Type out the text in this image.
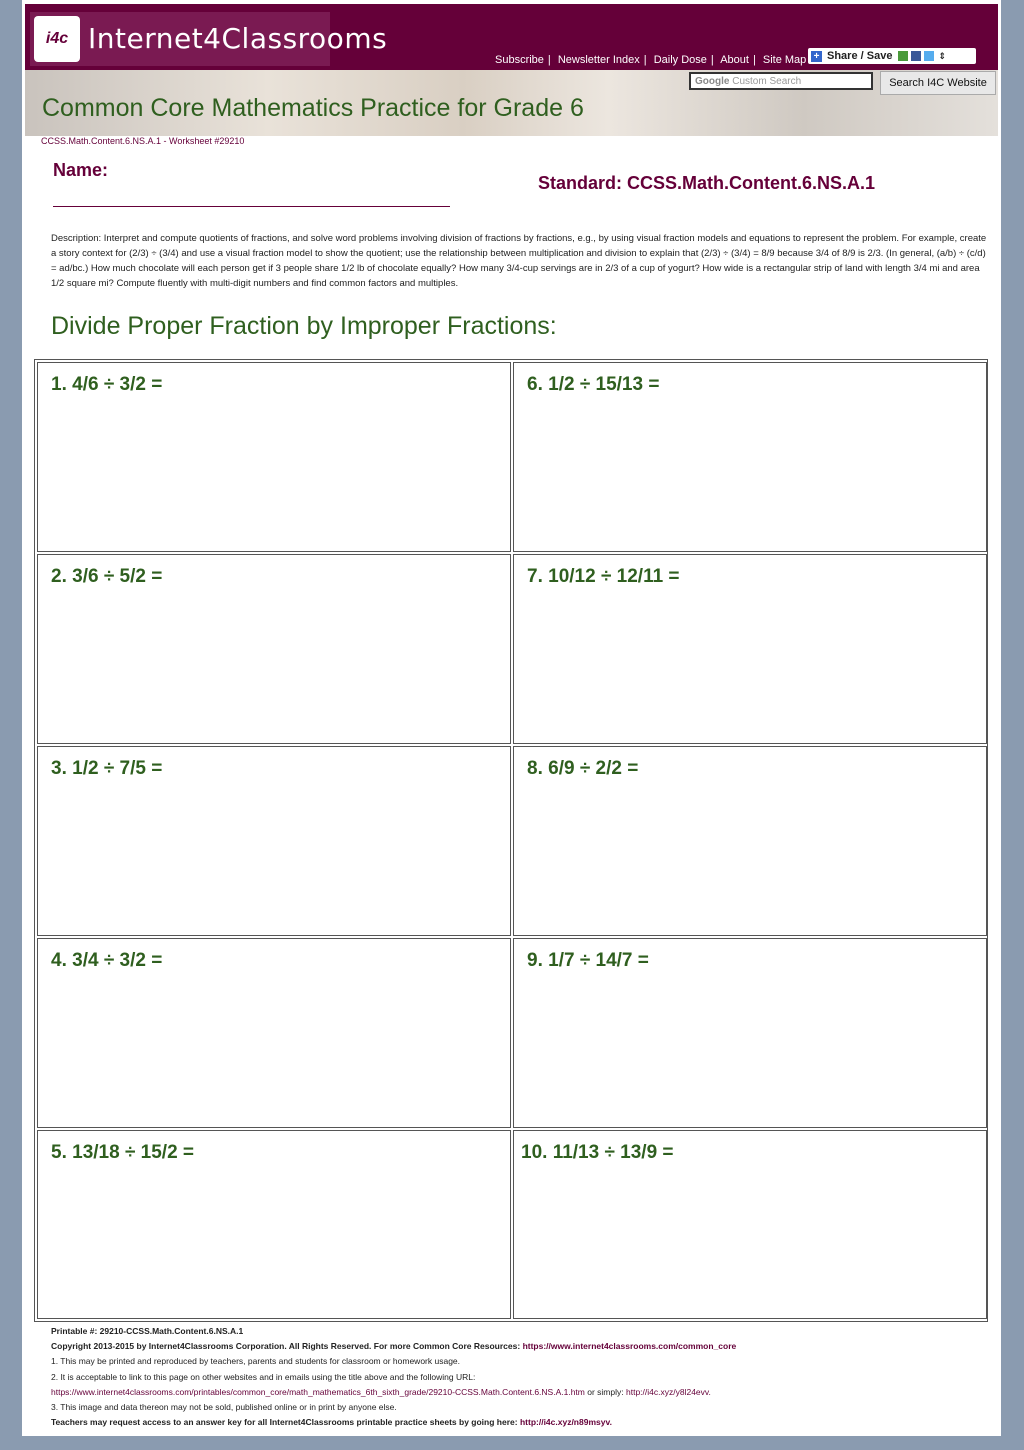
i4c Internet4Classrooms
Subscribe | Newsletter Index | Daily Dose | About | Site Map + Share / Save	⇕
Google Custom Search	Search I4C Website
Common Core Mathematics Practice for Grade 6
CCSS.Math.Content.6.NS.A.1 - Worksheet #29210
Name:
Standard: CCSS.Math.Content.6.NS.A.1
Description: Interpret and compute quotients of fractions, and solve word problems involving division of fractions by fractions, e.g., by using visual fraction models and equations to represent the problem. For example, create a story context for (2/3) ÷ (3/4) and use a visual fraction model to show the quotient; use the relationship between multiplication and division to explain that (2/3) ÷ (3/4) = 8/9 because 3/4 of 8/9 is 2/3. (In general, (a/b) ÷ (c/d) = ad/bc.) How much chocolate will each person get if 3 people share 1/2 lb of chocolate equally? How many 3/4-cup servings are in 2/3 of a cup of yogurt? How wide is a rectangular strip of land with length 3/4 mi and area 1/2 square mi? Compute fluently with multi-digit numbers and find common factors and multiples.
Divide Proper Fraction by Improper Fractions:
1. 4/6 ÷ 3/2 =
2. 3/6 ÷ 5/2 =
3. 1/2 ÷ 7/5 =
4. 3/4 ÷ 3/2 =
5. 13/18 ÷ 15/2 =
6. 1/2 ÷ 15/13 =
7. 10/12 ÷ 12/11 =
8. 6/9 ÷ 2/2 =
9. 1/7 ÷ 14/7 =
10. 11/13 ÷ 13/9 =
Printable #: 29210-CCSS.Math.Content.6.NS.A.1
Copyright 2013-2015 by Internet4Classrooms Corporation. All Rights Reserved. For more Common Core Resources: https://www.internet4classrooms.com/common_core
1. This may be printed and reproduced by teachers, parents and students for classroom or homework usage.
2. It is acceptable to link to this page on other websites and in emails using the title above and the following URL:
https://www.internet4classrooms.com/printables/common_core/math_mathematics_6th_sixth_grade/29210-CCSS.Math.Content.6.NS.A.1.htm or simply: http://i4c.xyz/y8l24evv.
3. This image and data thereon may not be sold, published online or in print by anyone else.
Teachers may request access to an answer key for all Internet4Classrooms printable practice sheets by going here: http://i4c.xyz/n89msyv.
